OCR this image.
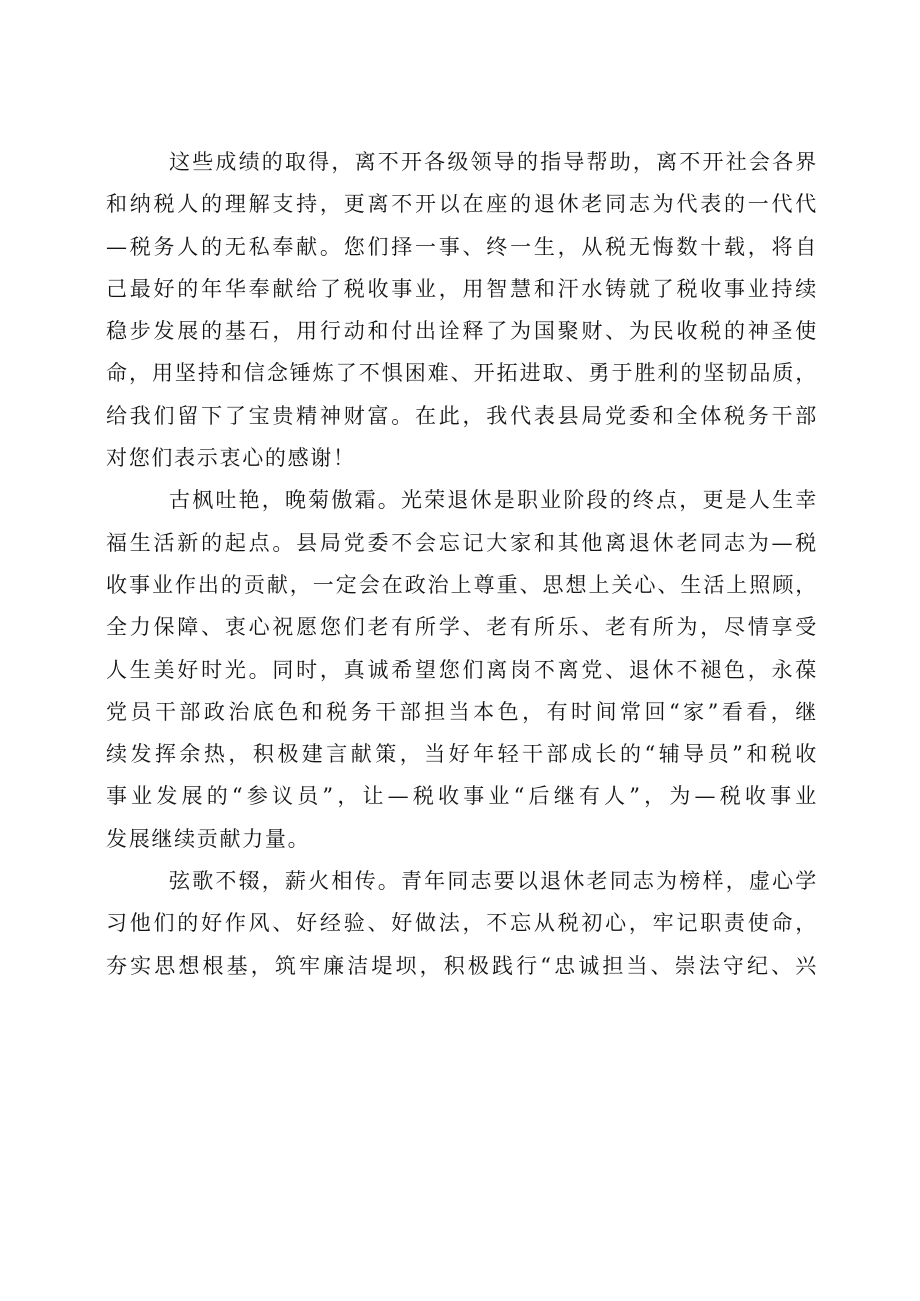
这些成绩的取得，离不开各级领导的指导帮助，离不开社会各界
和纳税人的理解支持，更离不开以在座的退休老同志为代表的一代代
—税务人的无私奉献。您们择一事、终一生，从税无悔数十载，将自
己最好的年华奉献给了税收事业，用智慧和汗水铸就了税收事业持续
稳步发展的基石，用行动和付出诠释了为国聚财、为民收税的神圣使
命，用坚持和信念锤炼了不惧困难、开拓进取、勇于胜利的坚韧品质，
给我们留下了宝贵精神财富。在此，我代表县局党委和全体税务干部
对您们表示衷心的感谢！
古枫吐艳，晚菊傲霜。光荣退休是职业阶段的终点，更是人生幸
福生活新的起点。县局党委不会忘记大家和其他离退休老同志为—税
收事业作出的贡献，一定会在政治上尊重、思想上关心、生活上照顾，
全力保障、衷心祝愿您们老有所学、老有所乐、老有所为，尽情享受
人生美好时光。同时，真诚希望您们离岗不离党、退休不褪色，永葆
党员干部政治底色和税务干部担当本色，有时间常回“家”看看，继
续发挥余热，积极建言献策，当好年轻干部成长的“辅导员”和税收
事业发展的“参议员”，让—税收事业“后继有人”，为—税收事业
发展继续贡献力量。
弦歌不辍，薪火相传。青年同志要以退休老同志为榜样，虚心学
习他们的好作风、好经验、好做法，不忘从税初心，牢记职责使命，
夯实思想根基，筑牢廉洁堤坝，积极践行“忠诚担当、崇法守纪、兴
